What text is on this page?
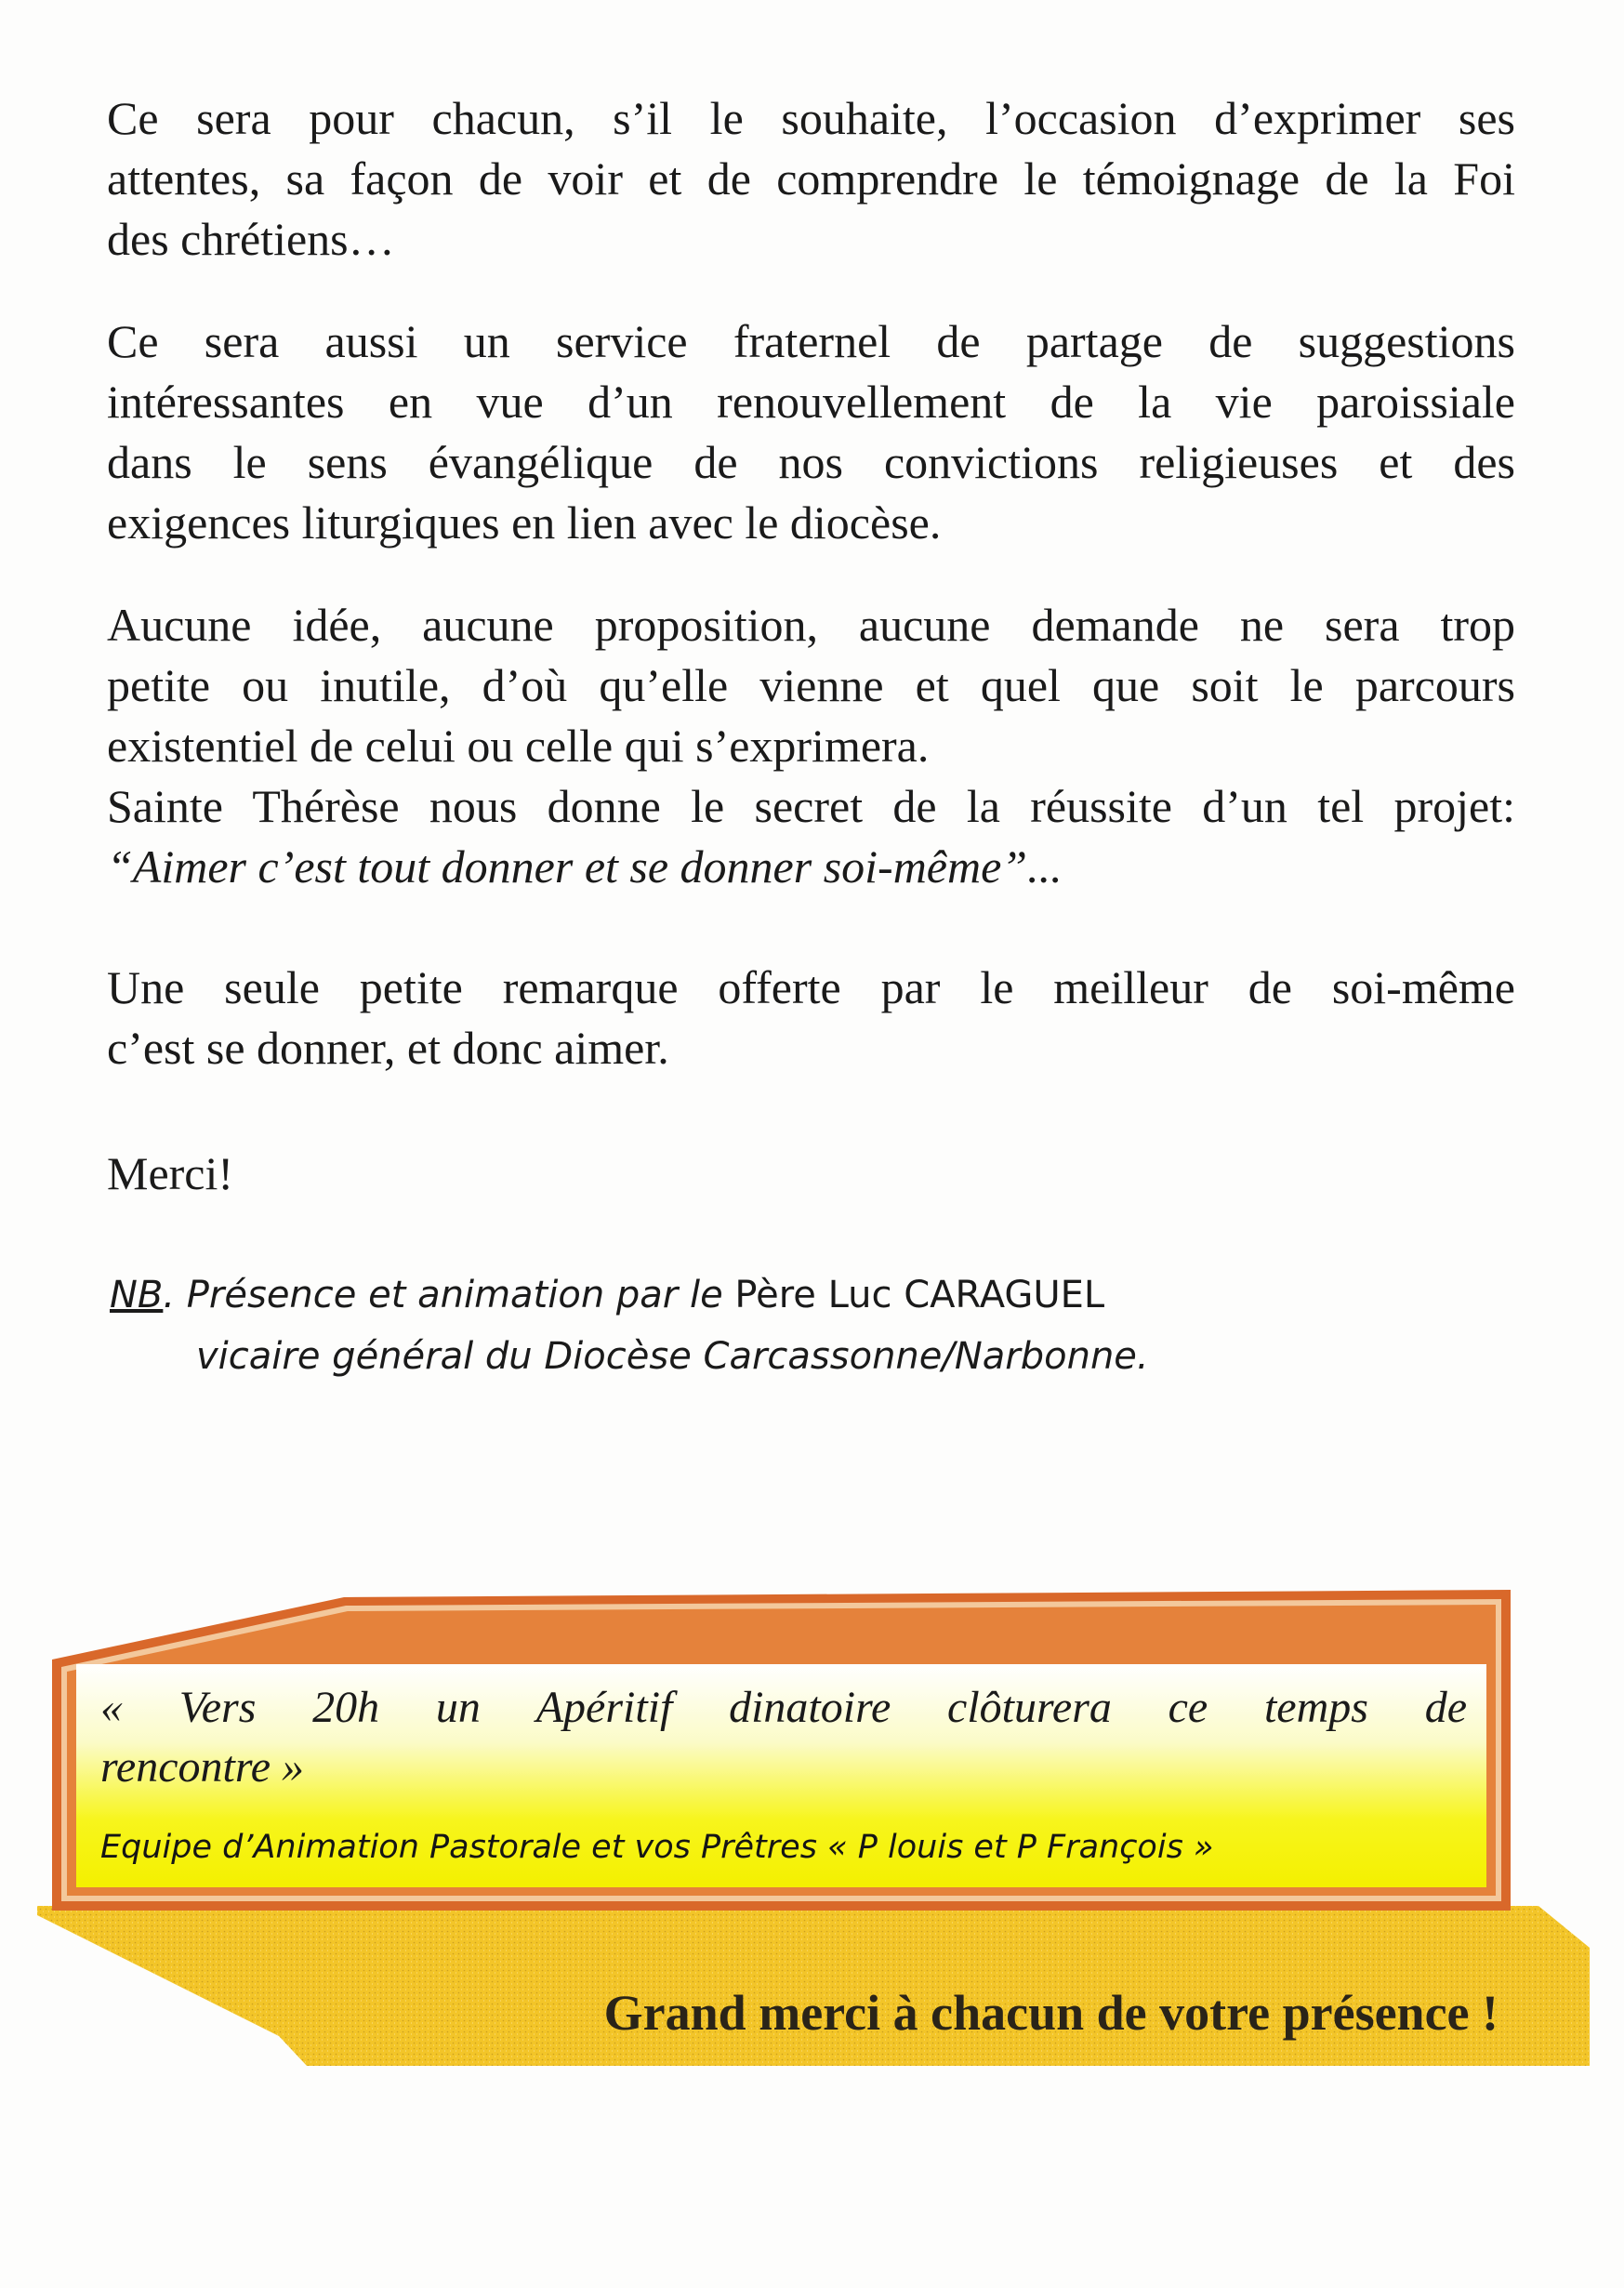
Ce sera pour chacun, s’il le souhaite, l’occasion d’exprimer ses
attentes, sa façon de voir et de comprendre le témoignage de la Foi
des chrétiens…

Ce sera aussi un service fraternel de partage de suggestions
intéressantes en vue d’un renouvellement de la vie paroissiale
dans le sens évangélique de nos convictions religieuses et des
exigences liturgiques en lien avec le diocèse.

Aucune idée, aucune proposition, aucune demande ne sera trop
petite ou inutile, d’où qu’elle vienne et quel que soit le parcours
existentiel de celui ou celle qui s’exprimera.
Sainte Thérèse nous donne le secret de la réussite d’un tel projet:
“Aimer c’est tout donner et se donner soi-même”...

Une seule petite remarque offerte par le meilleur de soi-même
c’est se donner, et donc aimer.

Merci!

NB. Présence et animation par le Père Luc CARAGUEL
vicaire général du Diocèse Carcassonne/Narbonne.
« Vers 20h un Apéritif dinatoire clôturera ce temps de
rencontre »
Equipe d’Animation Pastorale et vos Prêtres « P louis et P François »
Grand merci à chacun de votre présence !
